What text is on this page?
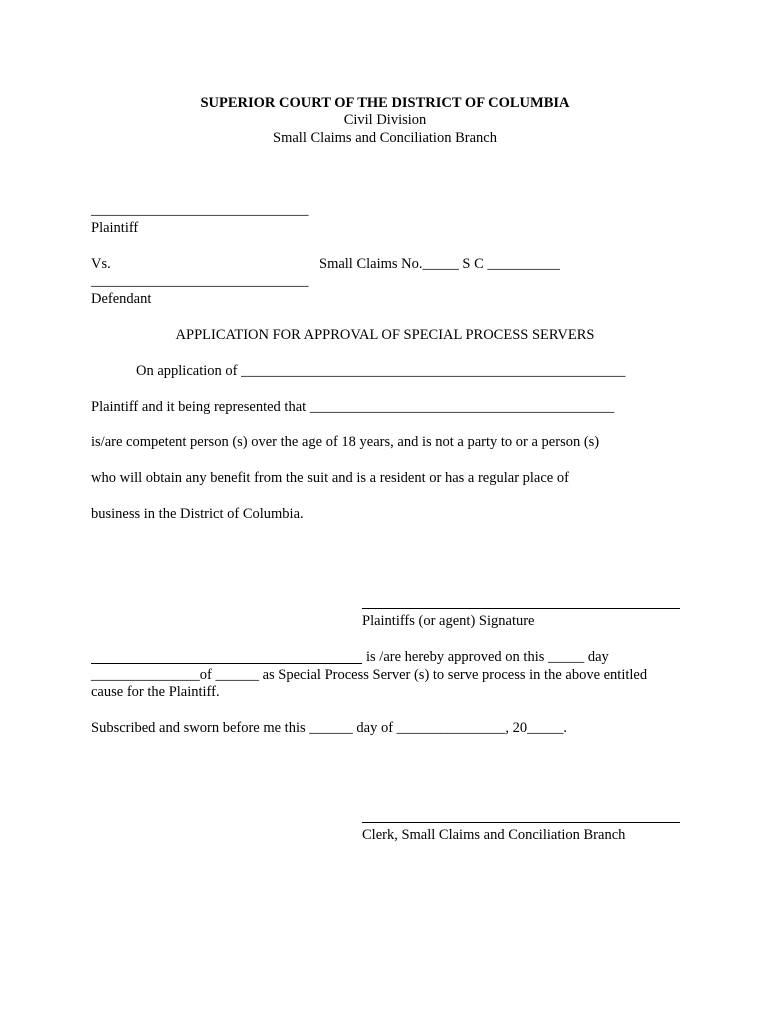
SUPERIOR COURT OF THE DISTRICT OF COLUMBIA
Civil Division
Small Claims and Conciliation Branch
______________________________
Plaintiff
Vs.	Small Claims No._____ S C __________
______________________________
Defendant
APPLICATION FOR APPROVAL OF SPECIAL PROCESS SERVERS
On application of _____________________________________________________
Plaintiff and it being represented that __________________________________________
is/are competent person (s) over the age of 18 years, and is not a party to or a person (s)
who will obtain any benefit from the suit and is a resident or has a regular place of
business in the District of Columbia.
Plaintiffs (or agent) Signature
is /are hereby approved on this _____ day
_______________of ______ as Special Process Server (s) to serve process in the above entitled
cause for the Plaintiff.
Subscribed and sworn before me this ______ day of _______________, 20_____.
Clerk, Small Claims and Conciliation Branch
